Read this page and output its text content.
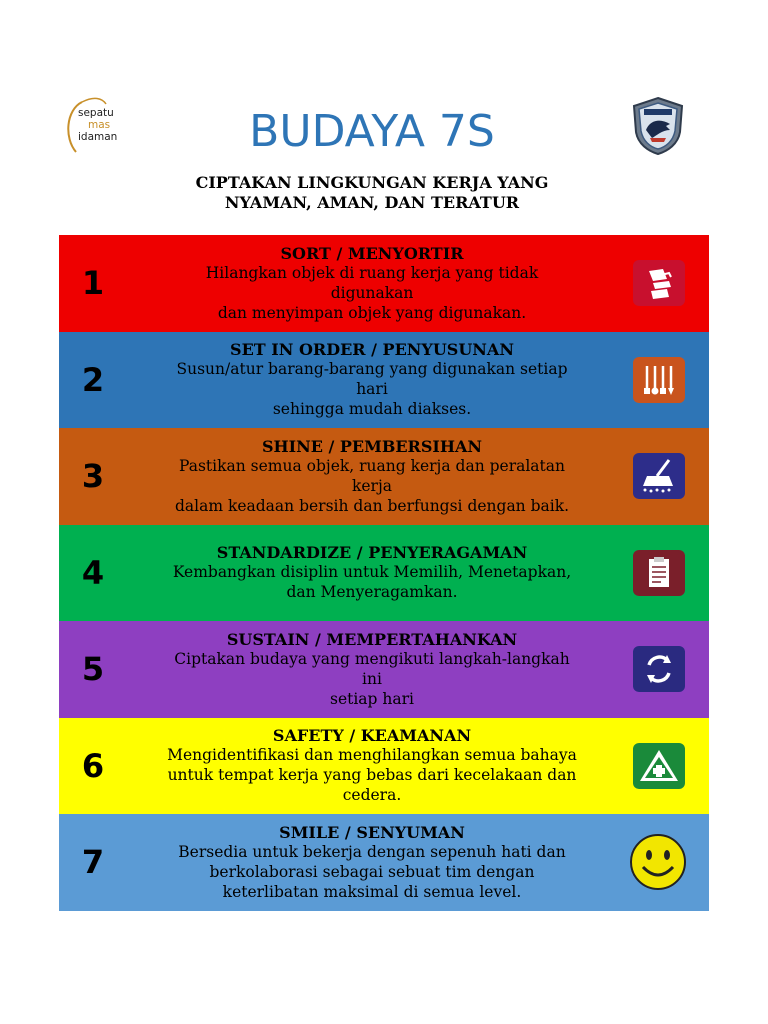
sepatu
mas
idaman	BUDAYA 7S
CIPTAKAN LINGKUNGAN KERJA YANG
NYAMAN, AMAN, DAN TERATUR
1
SORT / MENYORTIR
Hilangkan objek di ruang kerja yang tidak
digunakan
dan menyimpan objek yang digunakan.
2
SET IN ORDER / PENYUSUNAN
Susun/atur barang-barang yang digunakan setiap
hari
sehingga mudah diakses.
3
SHINE / PEMBERSIHAN
Pastikan semua objek, ruang kerja dan peralatan
kerja
dalam keadaan bersih dan berfungsi dengan baik.
4
STANDARDIZE / PENYERAGAMAN
Kembangkan disiplin untuk Memilih, Menetapkan,
dan Menyeragamkan.
5
SUSTAIN / MEMPERTAHANKAN
Ciptakan budaya yang mengikuti langkah-langkah
ini
setiap hari
6
SAFETY / KEAMANAN
Mengidentifikasi dan menghilangkan semua bahaya
untuk tempat kerja yang bebas dari kecelakaan dan
cedera.
7
SMILE / SENYUMAN
Bersedia untuk bekerja dengan sepenuh hati dan
berkolaborasi sebagai sebuat tim dengan
keterlibatan maksimal di semua level.
